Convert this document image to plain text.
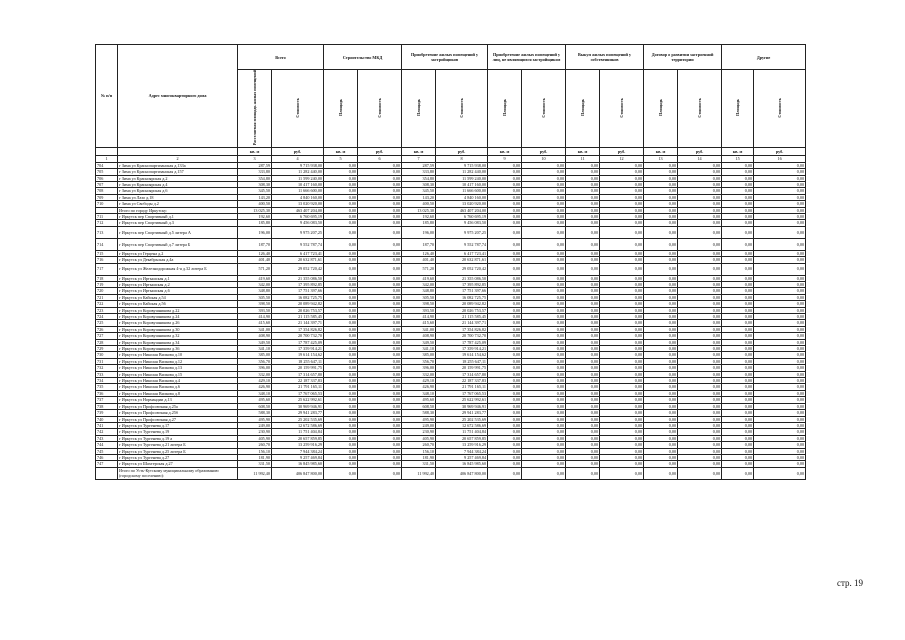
№ п/п	Адрес многоквартирного дома	Всего		Строительство МКД		Приобретение жилых помещений у застройщиков		Приобретение жилых помещений у лиц, не являющихся застройщиком		Выкуп жилых помещений у собственников		Договор о развитии застроенной территории		Другие	
		Расселяемая площадь жилых помещений	Стоимость	Площадь	Стоимость	Площадь	Стоимость	Площадь	Стоимость	Площадь	Стоимость	Площадь	Стоимость	Площадь	Стоимость
		кв. м	руб.	кв. м	руб.	кв. м	руб.	кв. м	руб.	кв. м	руб.	кв. м	руб.	кв. м	руб.
1	2	3	4	5	6	7	8	9	10	11	12	13	14	15	16
704	г Зима ул Краснопартизанская д.133а	287,59	9 715 938,00	0,00	0,00	287,59	9 715 938,00	0,00	0,00	0,00	0,00	0,00	0,00	0,00	0,00
705	г Зима ул Краснопартизанская д.157	333,80	11 282 440,00	0,00	0,00	333,80	11 282 440,00	0,00	0,00	0,00	0,00	0,00	0,00	0,00	0,00
706	г Зима ул Красноярская д.2	354,80	11 599 240,00	0,00	0,00	354,80	11 599 240,00	0,00	0,00	0,00	0,00	0,00	0,00	0,00	0,00
707	г Зима ул Красноярская д.4	308,30	10 417 160,00	0,00	0,00	308,30	10 417 160,00	0,00	0,00	0,00	0,00	0,00	0,00	0,00	0,00
708	г Зима ул Красноярская д.6	345,50	11 666 600,00	0,00	0,00	345,50	11 666 600,00	0,00	0,00	0,00	0,00	0,00	0,00	0,00	0,00
709	г Зима ул Лазо д.18	143,20	4 840 160,00	0,00	0,00	143,20	4 840 160,00	0,00	0,00	0,00	0,00	0,00	0,00	0,00	0,00
710	г Зима ул Свободы д.2	400,50	13 020 920,00	0,00	0,00	400,50	13 020 920,00	0,00	0,00	0,00	0,00	0,00	0,00	0,00	0,00
	Итого по городу Иркутску:	13 025,30	463 407 204,00	0,00	0,00	13 025,30	463 407 204,00	0,00	0,00	0,00	0,00	0,00	0,00	0,00	0,00
711	г Иркутск пер Спортивный д.1	192,60	6 760 695,19	0,00	0,00	192,60	6 760 695,19	0,00	0,00	0,00	0,00	0,00	0,00	0,00	0,00
712	г Иркутск пер Спортивный д.3	185,80	9 456 083,50	0,00	0,00	185,80	9 456 083,50	0,00	0,00	0,00	0,00	0,00	0,00	0,00	0,00
713	г Иркутск пер Спортивный д.5 литера А	196,00	9 975 207,25	0,00	0,00	196,00	9 975 207,25	0,00	0,00	0,00	0,00	0,00	0,00	0,00	0,00
714	г Иркутск пер Спортивный д.7 литера Б	187,70	9 552 787,74	0,00	0,00	187,70	9 552 787,74	0,00	0,00	0,00	0,00	0,00	0,00	0,00	0,00
715	г Иркутск ул Герцена д.2	126,40	6 417 723,41	0,00	0,00	126,40	6 417 723,41	0,00	0,00	0,00	0,00	0,00	0,00	0,00	0,00
716	г Иркутск ул Декабрьская д.4а	401,40	20 632 871,61	0,00	0,00	401,40	20 632 871,61	0,00	0,00	0,00	0,00	0,00	0,00	0,00	0,00
717	г Иркутск ул Железнодорожная 4-я д.32 литера Б	571,20	29 052 720,42	0,00	0,00	571,20	29 052 720,42	0,00	0,00	0,00	0,00	0,00	0,00	0,00	0,00
718	г Иркутск ул Иртышская д.1	419,60	21 355 086,50	0,00	0,00	419,60	21 355 086,50	0,00	0,00	0,00	0,00	0,00	0,00	0,00	0,00
719	г Иркутск ул Иртышская д.2	342,00	17 395 892,85	0,00	0,00	342,00	17 395 892,85	0,00	0,00	0,00	0,00	0,00	0,00	0,00	0,00
720	г Иркутск ул Иртышская д.6	348,80	17 751 397,66	0,00	0,00	348,80	17 751 397,66	0,00	0,00	0,00	0,00	0,00	0,00	0,00	0,00
721	г Иркутск ул Кайская д.54	305,50	16 082 725,75	0,00	0,00	305,50	16 082 725,75	0,00	0,00	0,00	0,00	0,00	0,00	0,00	0,00
722	г Иркутск ул Кайская д.56	398,50	20 089 942,82	0,00	0,00	398,50	20 089 942,82	0,00	0,00	0,00	0,00	0,00	0,00	0,00	0,00
723	г Иркутск ул Коровушникова д.22	393,50	20 026 753,57	0,00	0,00	393,50	20 026 753,57	0,00	0,00	0,00	0,00	0,00	0,00	0,00	0,00
724	г Иркутск ул Коровушникова д.24	414,90	21 115 585,45	0,00	0,00	414,90	21 115 585,45	0,00	0,00	0,00	0,00	0,00	0,00	0,00	0,00
725	г Иркутск ул Коровушникова д.26	415,60	21 144 397,71	0,00	0,00	415,60	21 144 397,71	0,00	0,00	0,00	0,00	0,00	0,00	0,00	0,00
726	г Иркутск ул Коровушникова д.30	341,00	17 354 826,82	0,00	0,00	341,00	17 354 826,82	0,00	0,00	0,00	0,00	0,00	0,00	0,00	0,00
727	г Иркутск ул Коровушникова д.32	408,90	20 700 732,70	0,00	0,00	408,90	20 700 732,70	0,00	0,00	0,00	0,00	0,00	0,00	0,00	0,00
728	г Иркутск ул Коровушникова д.34	349,50	17 787 425,09	0,00	0,00	349,50	17 787 425,09	0,00	0,00	0,00	0,00	0,00	0,00	0,00	0,00
729	г Иркутск ул Коровушникова д.36	341,10	17 359 914,21	0,00	0,00	341,10	17 359 914,21	0,00	0,00	0,00	0,00	0,00	0,00	0,00	0,00
730	г Иркутск ул Николая Вилкова д.10	385,00	19 614 154,62	0,00	0,00	385,00	19 614 154,62	0,00	0,00	0,00	0,00	0,00	0,00	0,00	0,00
731	г Иркутск ул Николая Вилкова д.12	356,70	18 255 647,11	0,00	0,00	356,70	18 255 647,11	0,00	0,00	0,00	0,00	0,00	0,00	0,00	0,00
732	г Иркутск ул Николая Вилкова д.13	396,00	20 159 991,75	0,00	0,00	396,00	20 159 991,75	0,00	0,00	0,00	0,00	0,00	0,00	0,00	0,00
733	г Иркутск ул Николая Вилкова д.15	332,00	17 314 657,80	0,00	0,00	332,00	17 314 657,80	0,00	0,00	0,00	0,00	0,00	0,00	0,00	0,00
734	г Иркутск ул Николая Вилкова д.4	429,10	22 187 337,83	0,00	0,00	429,10	22 187 337,83	0,00	0,00	0,00	0,00	0,00	0,00	0,00	0,00
735	г Иркутск ул Николая Вилкова д.6	426,90	21 791 165,11	0,00	0,00	426,90	21 791 165,11	0,00	0,00	0,00	0,00	0,00	0,00	0,00	0,00
736	г Иркутск ул Николая Вилкова д.8	348,10	17 767 065,53	0,00	0,00	348,10	17 767 065,53	0,00	0,00	0,00	0,00	0,00	0,00	0,00	0,00
737	г Иркутск ул Нормандии д.13	495,60	25 622 992,61	0,00	0,00	495,60	25 622 992,61	0,00	0,00	0,00	0,00	0,00	0,00	0,00	0,00
738	г Иркутск ул Профсоюзная д.25а	608,50	30 969 946,91	0,00	0,00	608,50	30 969 946,91	0,00	0,00	0,00	0,00	0,00	0,00	0,00	0,00
739	г Иркутск ул Профсоюзная д.25б	588,30	29 941 283,77	0,00	0,00	588,30	29 941 283,77	0,00	0,00	0,00	0,00	0,00	0,00	0,00	0,00
740	г Иркутск ул Профсоюзная д.27	495,90	25 202 535,69	0,00	0,00	495,90	25 202 535,69	0,00	0,00	0,00	0,00	0,00	0,00	0,00	0,00
741	г Иркутск ул Тургенева д.17	249,00	12 672 586,69	0,00	0,00	249,00	12 672 586,69	0,00	0,00	0,00	0,00	0,00	0,00	0,00	0,00
742	г Иркутск ул Тургенева д.19	230,90	11 751 404,84	0,00	0,00	230,90	11 751 404,84	0,00	0,00	0,00	0,00	0,00	0,00	0,00	0,00
743	г Иркутск ул Тургенева д.19 а	405,90	20 657 859,85	0,00	0,00	405,90	20 657 859,85	0,00	0,00	0,00	0,00	0,00	0,00	0,00	0,00
744	г Иркутск ул Тургенева д.21 литера Б	260,70	13 259 916,29	0,00	0,00	260,70	13 259 916,29	0,00	0,00	0,00	0,00	0,00	0,00	0,00	0,00
745	г Иркутск ул Тургенева д.25 литера Б	156,10	7 944 384,24	0,00	0,00	156,10	7 944 384,24	0,00	0,00	0,00	0,00	0,00	0,00	0,00	0,00
746	г Иркутск ул Тургенева д.27	181,90	9 257 469,84	0,00	0,00	181,90	9 257 469,84	0,00	0,00	0,00	0,00	0,00	0,00	0,00	0,00
747	г Иркутск ул Шахтерская д.27	331,50	16 845 985,60	0,00	0,00	331,50	16 845 985,60	0,00	0,00	0,00	0,00	0,00	0,00	0,00	0,00
	Итого по Усть-Кутскому муниципальному образованию (городскому поселению):	11 992,40	406 847 800,00	0,00	0,00	11 992,40	406 847 800,00	0,00	0,00	0,00	0,00	0,00	0,00	0,00	0,00
стр. 19
